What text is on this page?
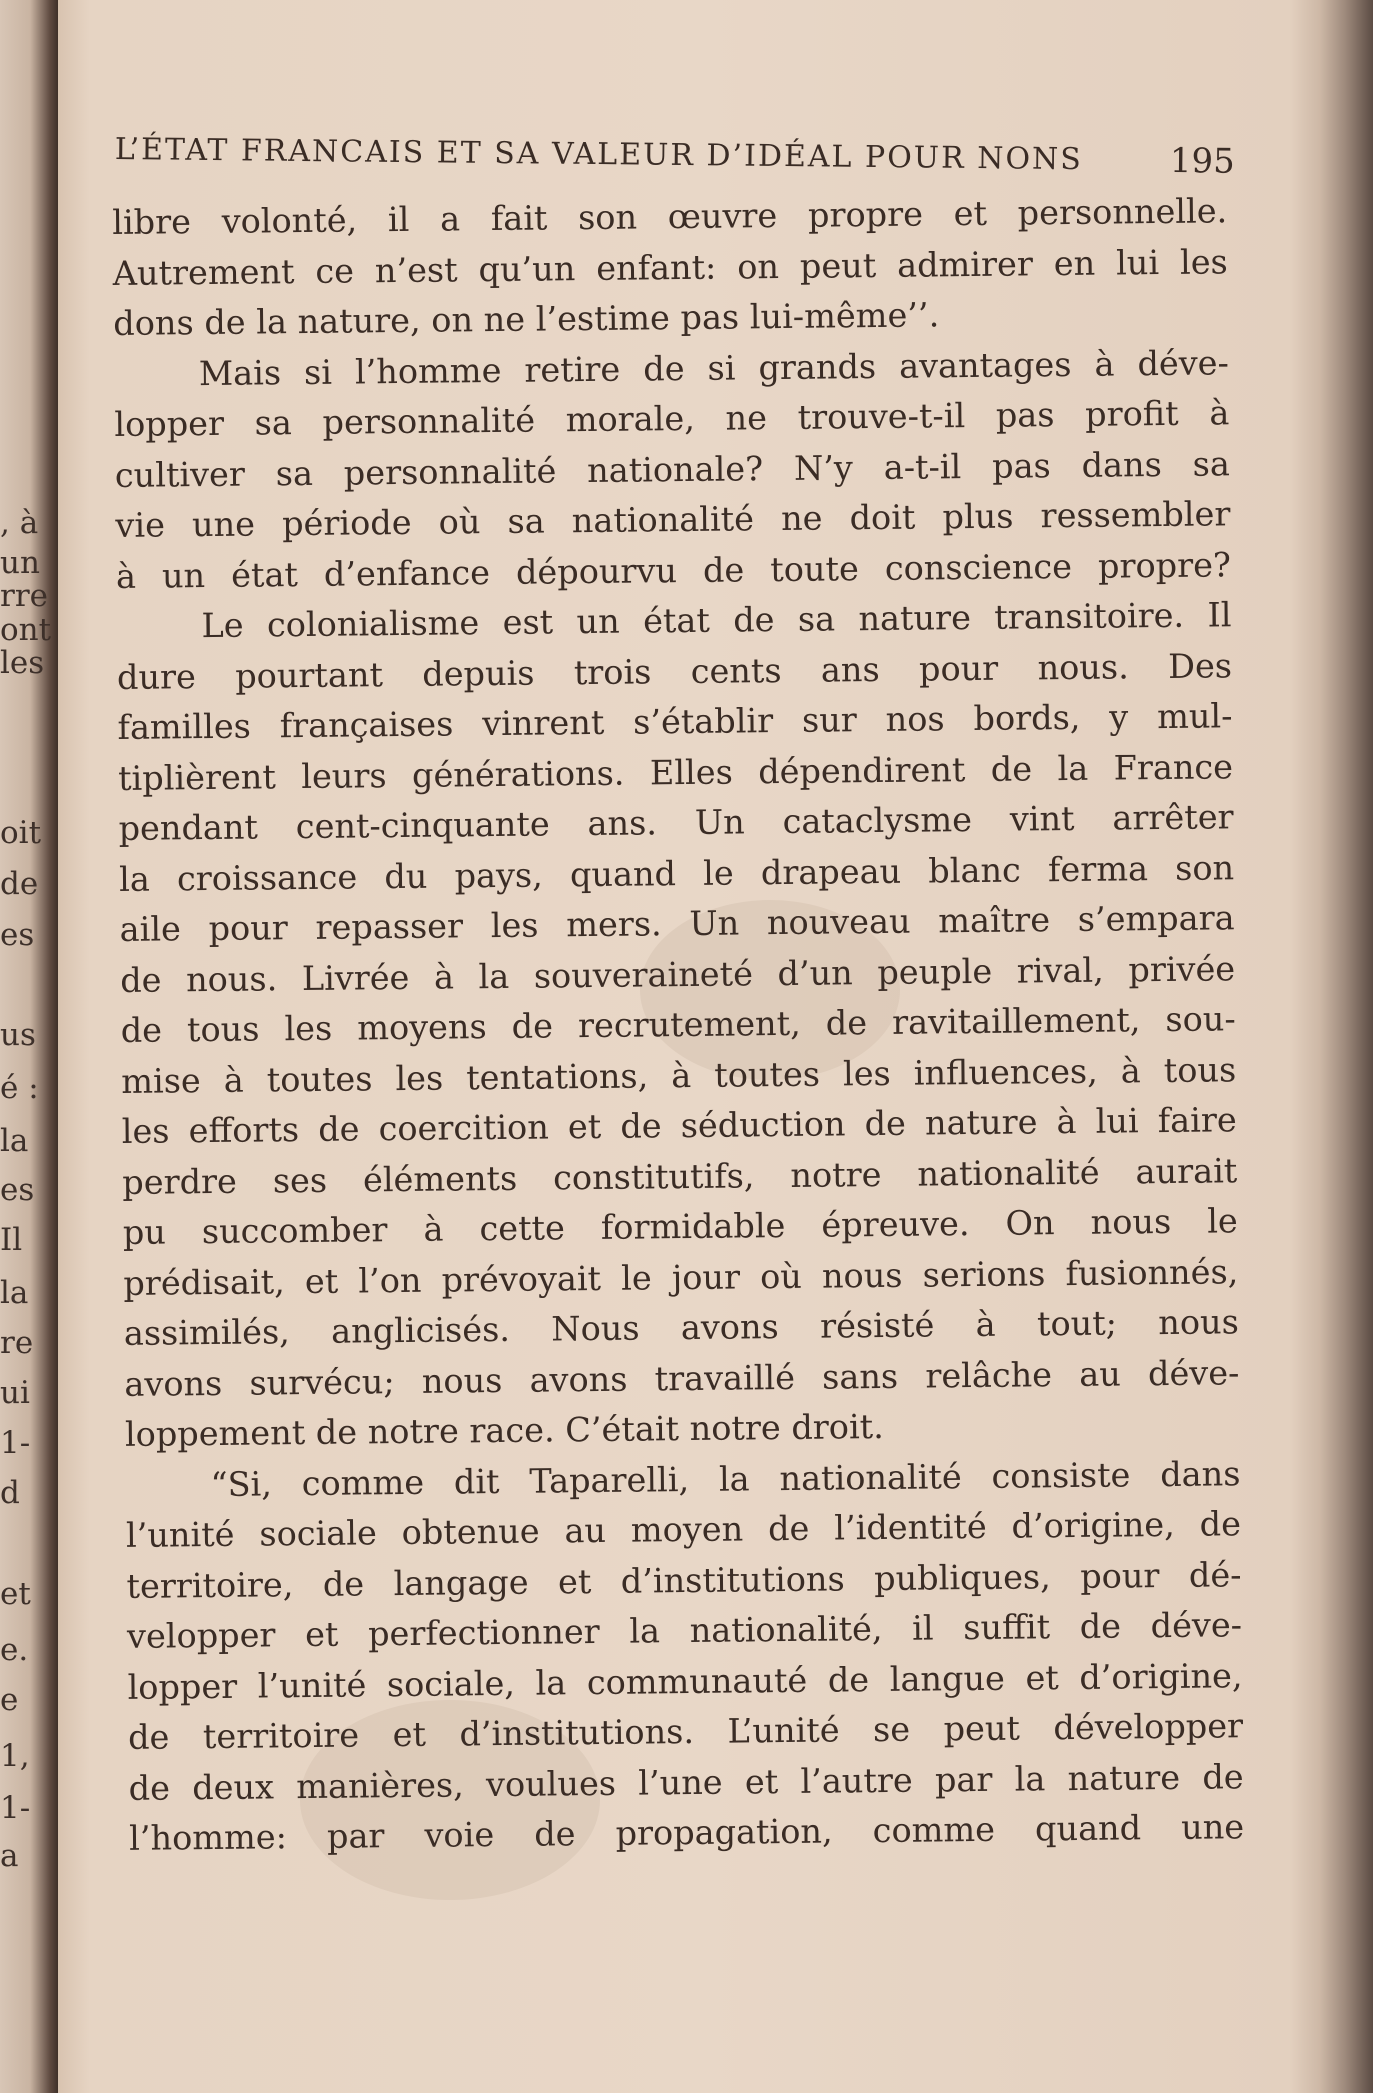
, à
un
rre
ont
les
oit
de
es
us
é :
la
es
Il
la
re
ui
1-
d
et
e.
e
1,
1-
a
L’ÉTAT FRANCAIS ET SA VALEUR D’IDÉAL POUR NONS	195
libre volonté, il a fait son œuvre propre et personnelle.
Autrement ce n’est qu’un enfant: on peut admirer en lui les
dons de la nature, on ne l’estime pas lui-même’’.
Mais si l’homme retire de si grands avantages à déve-
lopper sa personnalité morale, ne trouve-t-il pas profit à
cultiver sa personnalité nationale? N’y a-t-il pas dans sa
vie une période où sa nationalité ne doit plus ressembler
à un état d’enfance dépourvu de toute conscience propre?
Le colonialisme est un état de sa nature transitoire. Il
dure pourtant depuis trois cents ans pour nous. Des
familles françaises vinrent s’établir sur nos bords, y mul-
tiplièrent leurs générations. Elles dépendirent de la France
pendant cent-cinquante ans. Un cataclysme vint arrêter
la croissance du pays, quand le drapeau blanc ferma son
aile pour repasser les mers. Un nouveau maître s’empara
de nous. Livrée à la souveraineté d’un peuple rival, privée
de tous les moyens de recrutement, de ravitaillement, sou-
mise à toutes les tentations, à toutes les influences, à tous
les efforts de coercition et de séduction de nature à lui faire
perdre ses éléments constitutifs, notre nationalité aurait
pu succomber à cette formidable épreuve. On nous le
prédisait, et l’on prévoyait le jour où nous serions fusionnés,
assimilés, anglicisés. Nous avons résisté à tout; nous
avons survécu; nous avons travaillé sans relâche au déve-
loppement de notre race. C’était notre droit.
“Si, comme dit Taparelli, la nationalité consiste dans
l’unité sociale obtenue au moyen de l’identité d’origine, de
territoire, de langage et d’institutions publiques, pour dé-
velopper et perfectionner la nationalité, il suffit de déve-
lopper l’unité sociale, la communauté de langue et d’origine,
de territoire et d’institutions. L’unité se peut développer
de deux manières, voulues l’une et l’autre par la nature de
l’homme: par voie de propagation, comme quand une
